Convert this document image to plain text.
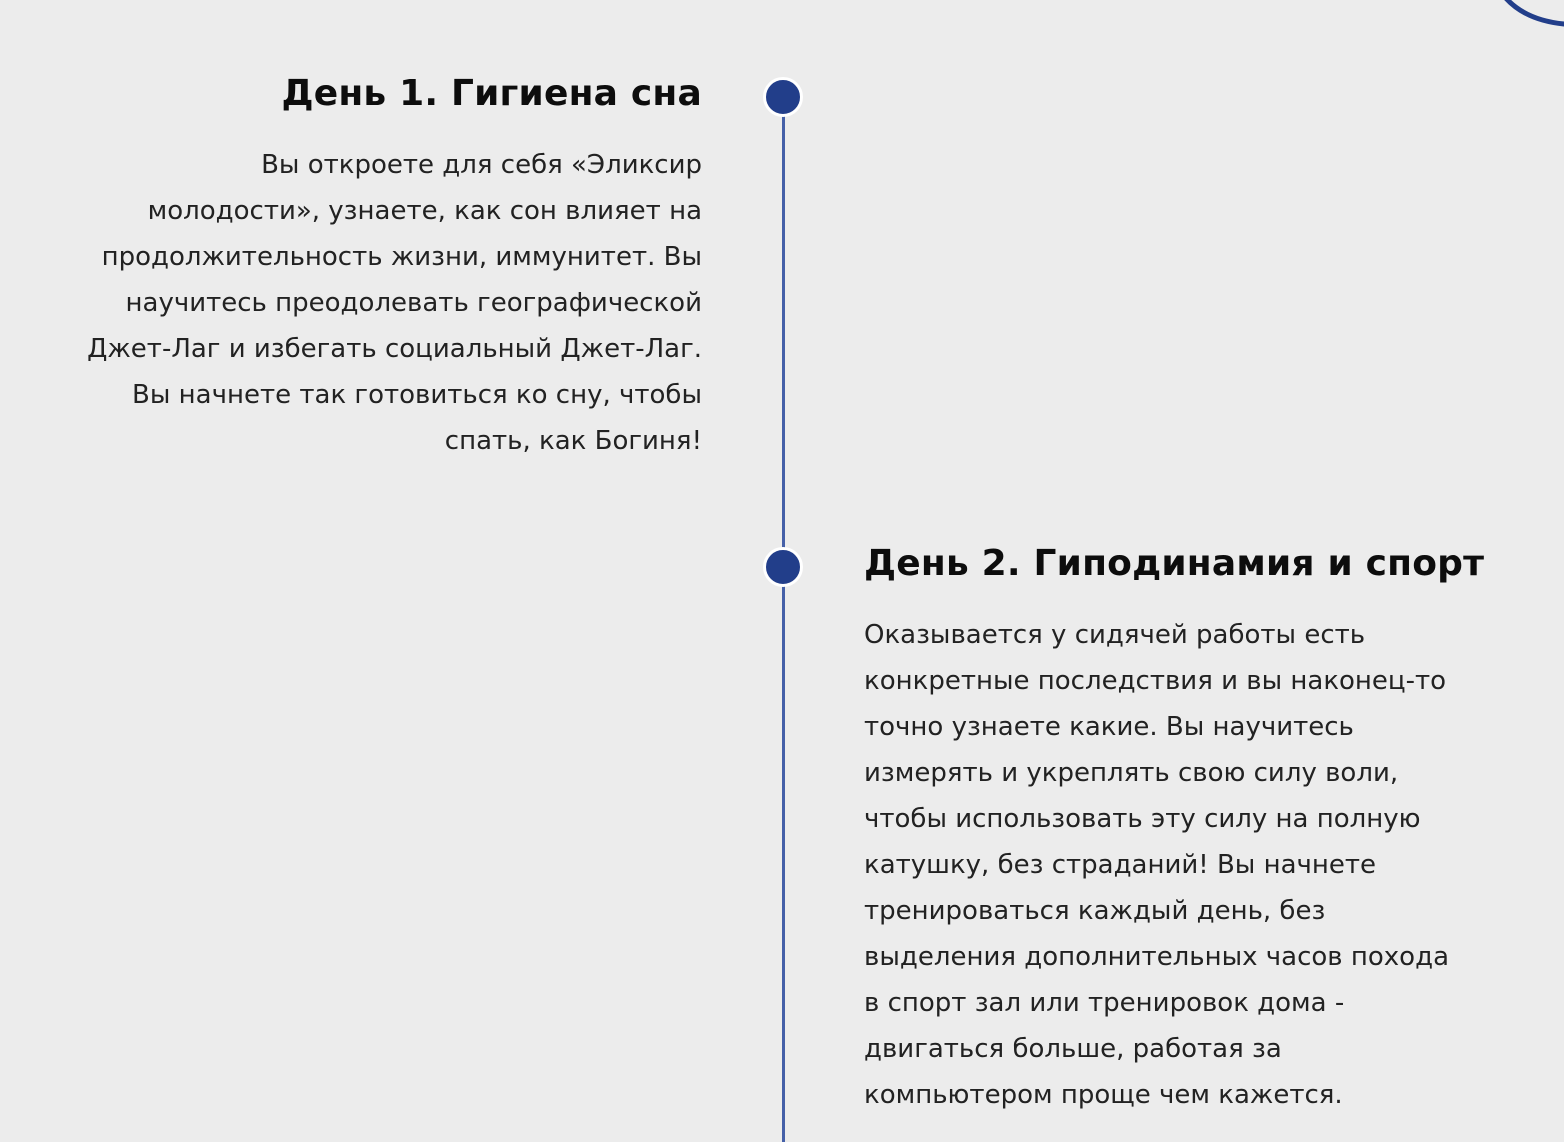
День 1. Гигиена сна

Вы откроете для себя «Эликсир
молодости», узнаете, как сон влияет на
продолжительность жизни, иммунитет. Вы
научитесь преодолевать географической
Джет-Лаг и избегать социальный Джет-Лаг.
Вы начнете так готовиться ко сну, чтобы
спать, как Богиня!

День 2. Гиподинамия и спорт

Оказывается у сидячей работы есть
конкретные последствия и вы наконец-то
точно узнаете какие. Вы научитесь
измерять и укреплять свою силу воли,
чтобы использовать эту силу на полную
катушку, без страданий! Вы начнете
тренироваться каждый день, без
выделения дополнительных часов похода
в спорт зал или тренировок дома -
двигаться больше, работая за
компьютером проще чем кажется.
